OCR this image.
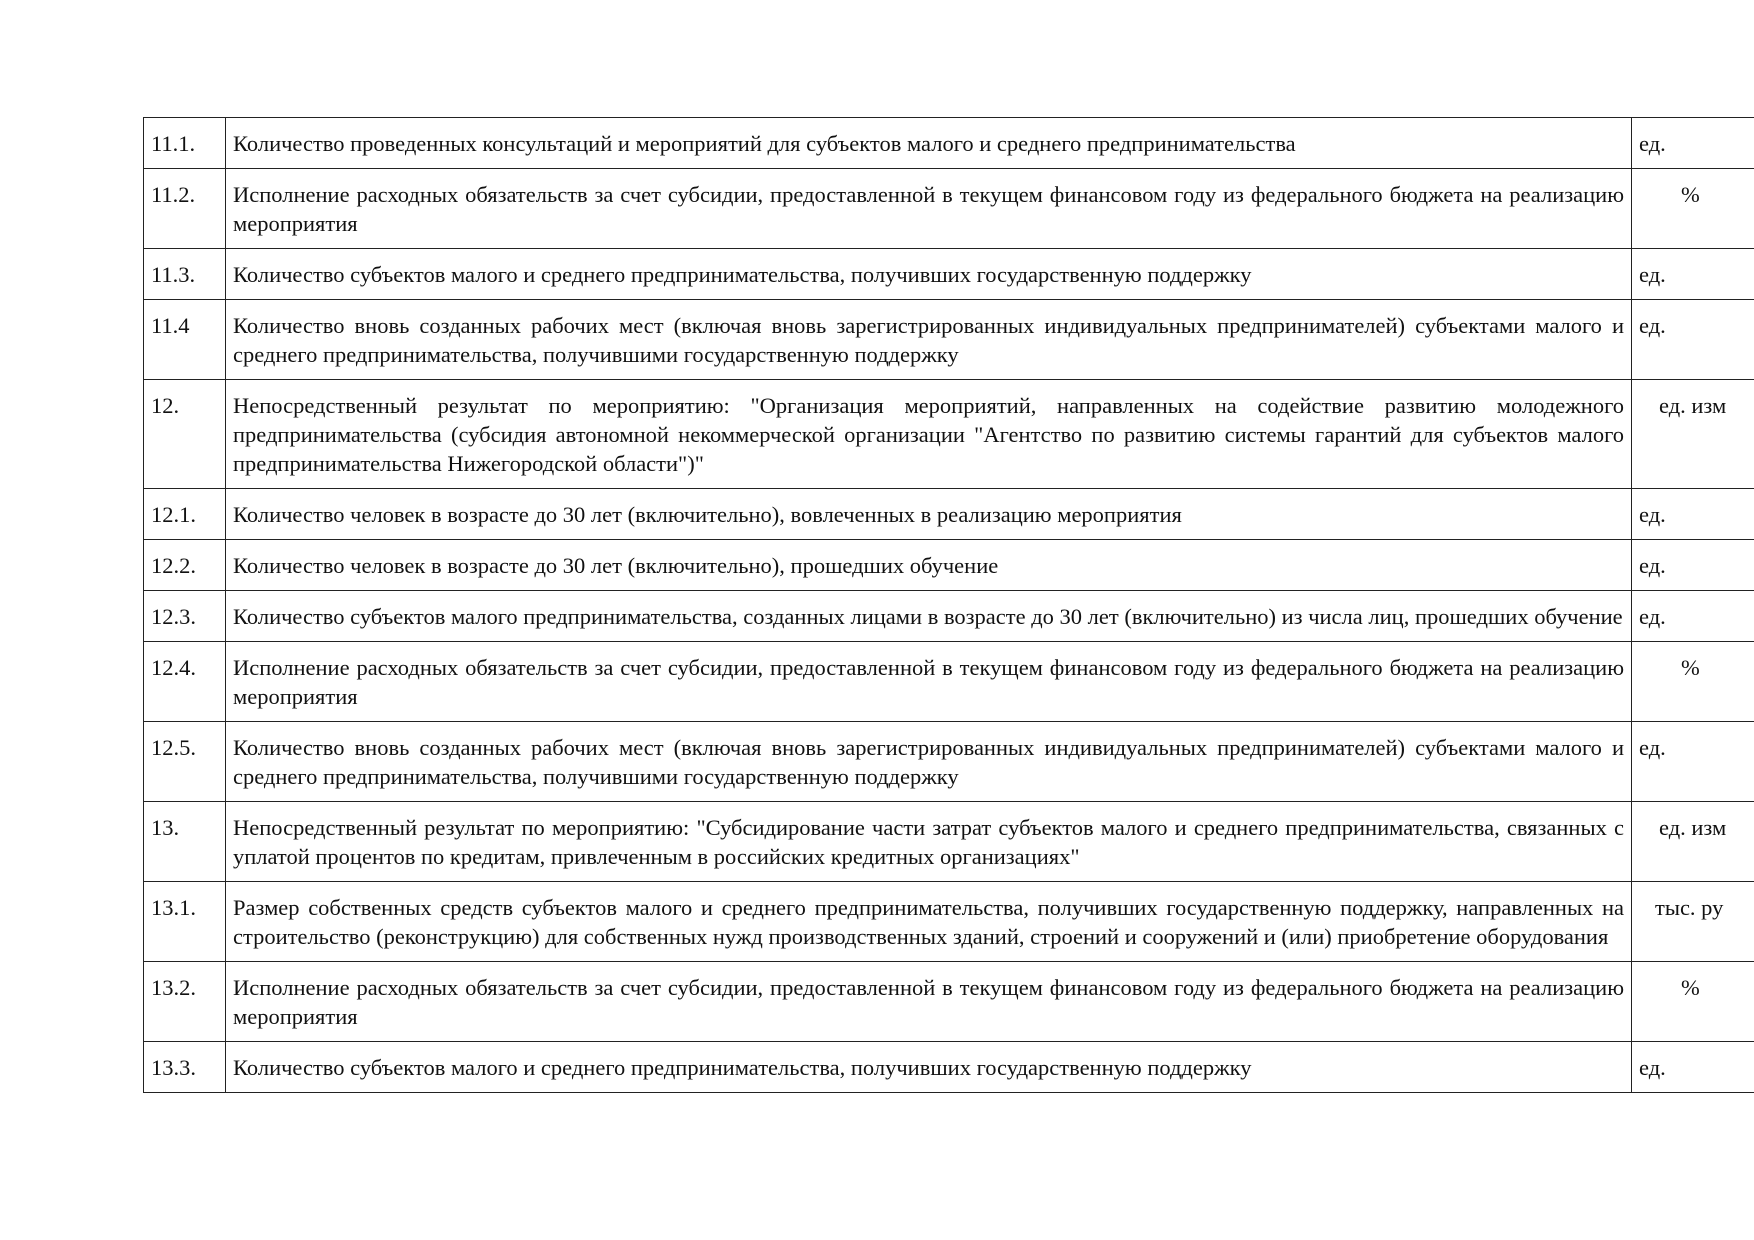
11.1.	Количество проведенных консультаций и мероприятий для субъектов малого и среднего предпринимательства	ед.
11.2.	Исполнение расходных обязательств за счет субсидии, предоставленной в текущем финансовом году из федерального бюджета на реализацию мероприятия	%
11.3.	Количество субъектов малого и среднего предпринимательства, получивших государственную поддержку	ед.
11.4	Количество вновь созданных рабочих мест (включая вновь зарегистрированных индивидуальных предпринимателей) субъектами малого и среднего предпринимательства, получившими государственную поддержку	ед.
12.	Непосредственный результат по мероприятию: "Организация мероприятий, направленных на содействие развитию молодежного предпринимательства (субсидия автономной некоммерческой организации "Агентство по развитию системы гарантий для субъектов малого предпринимательства Нижегородской области")"	ед. изм
12.1.	Количество человек в возрасте до 30 лет (включительно), вовлеченных в реализацию мероприятия	ед.
12.2.	Количество человек в возрасте до 30 лет (включительно), прошедших обучение	ед.
12.3.	Количество субъектов малого предпринимательства, созданных лицами в возрасте до 30 лет (включительно) из числа лиц, прошедших обучение	ед.
12.4.	Исполнение расходных обязательств за счет субсидии, предоставленной в текущем финансовом году из федерального бюджета на реализацию мероприятия	%
12.5.	Количество вновь созданных рабочих мест (включая вновь зарегистрированных индивидуальных предпринимателей) субъектами малого и среднего предпринимательства, получившими государственную поддержку	ед.
13.	Непосредственный результат по мероприятию: "Субсидирование части затрат субъектов малого и среднего предпринимательства, связанных с уплатой процентов по кредитам, привлеченным в российских кредитных организациях"	ед. изм
13.1.	Размер собственных средств субъектов малого и среднего предпринимательства, получивших государственную поддержку, направленных на строительство (реконструкцию) для собственных нужд производственных зданий, строений и сооружений и (или) приобретение оборудования	тыс. ру
13.2.	Исполнение расходных обязательств за счет субсидии, предоставленной в текущем финансовом году из федерального бюджета на реализацию мероприятия	%
13.3.	Количество субъектов малого и среднего предпринимательства, получивших государственную поддержку	ед.
